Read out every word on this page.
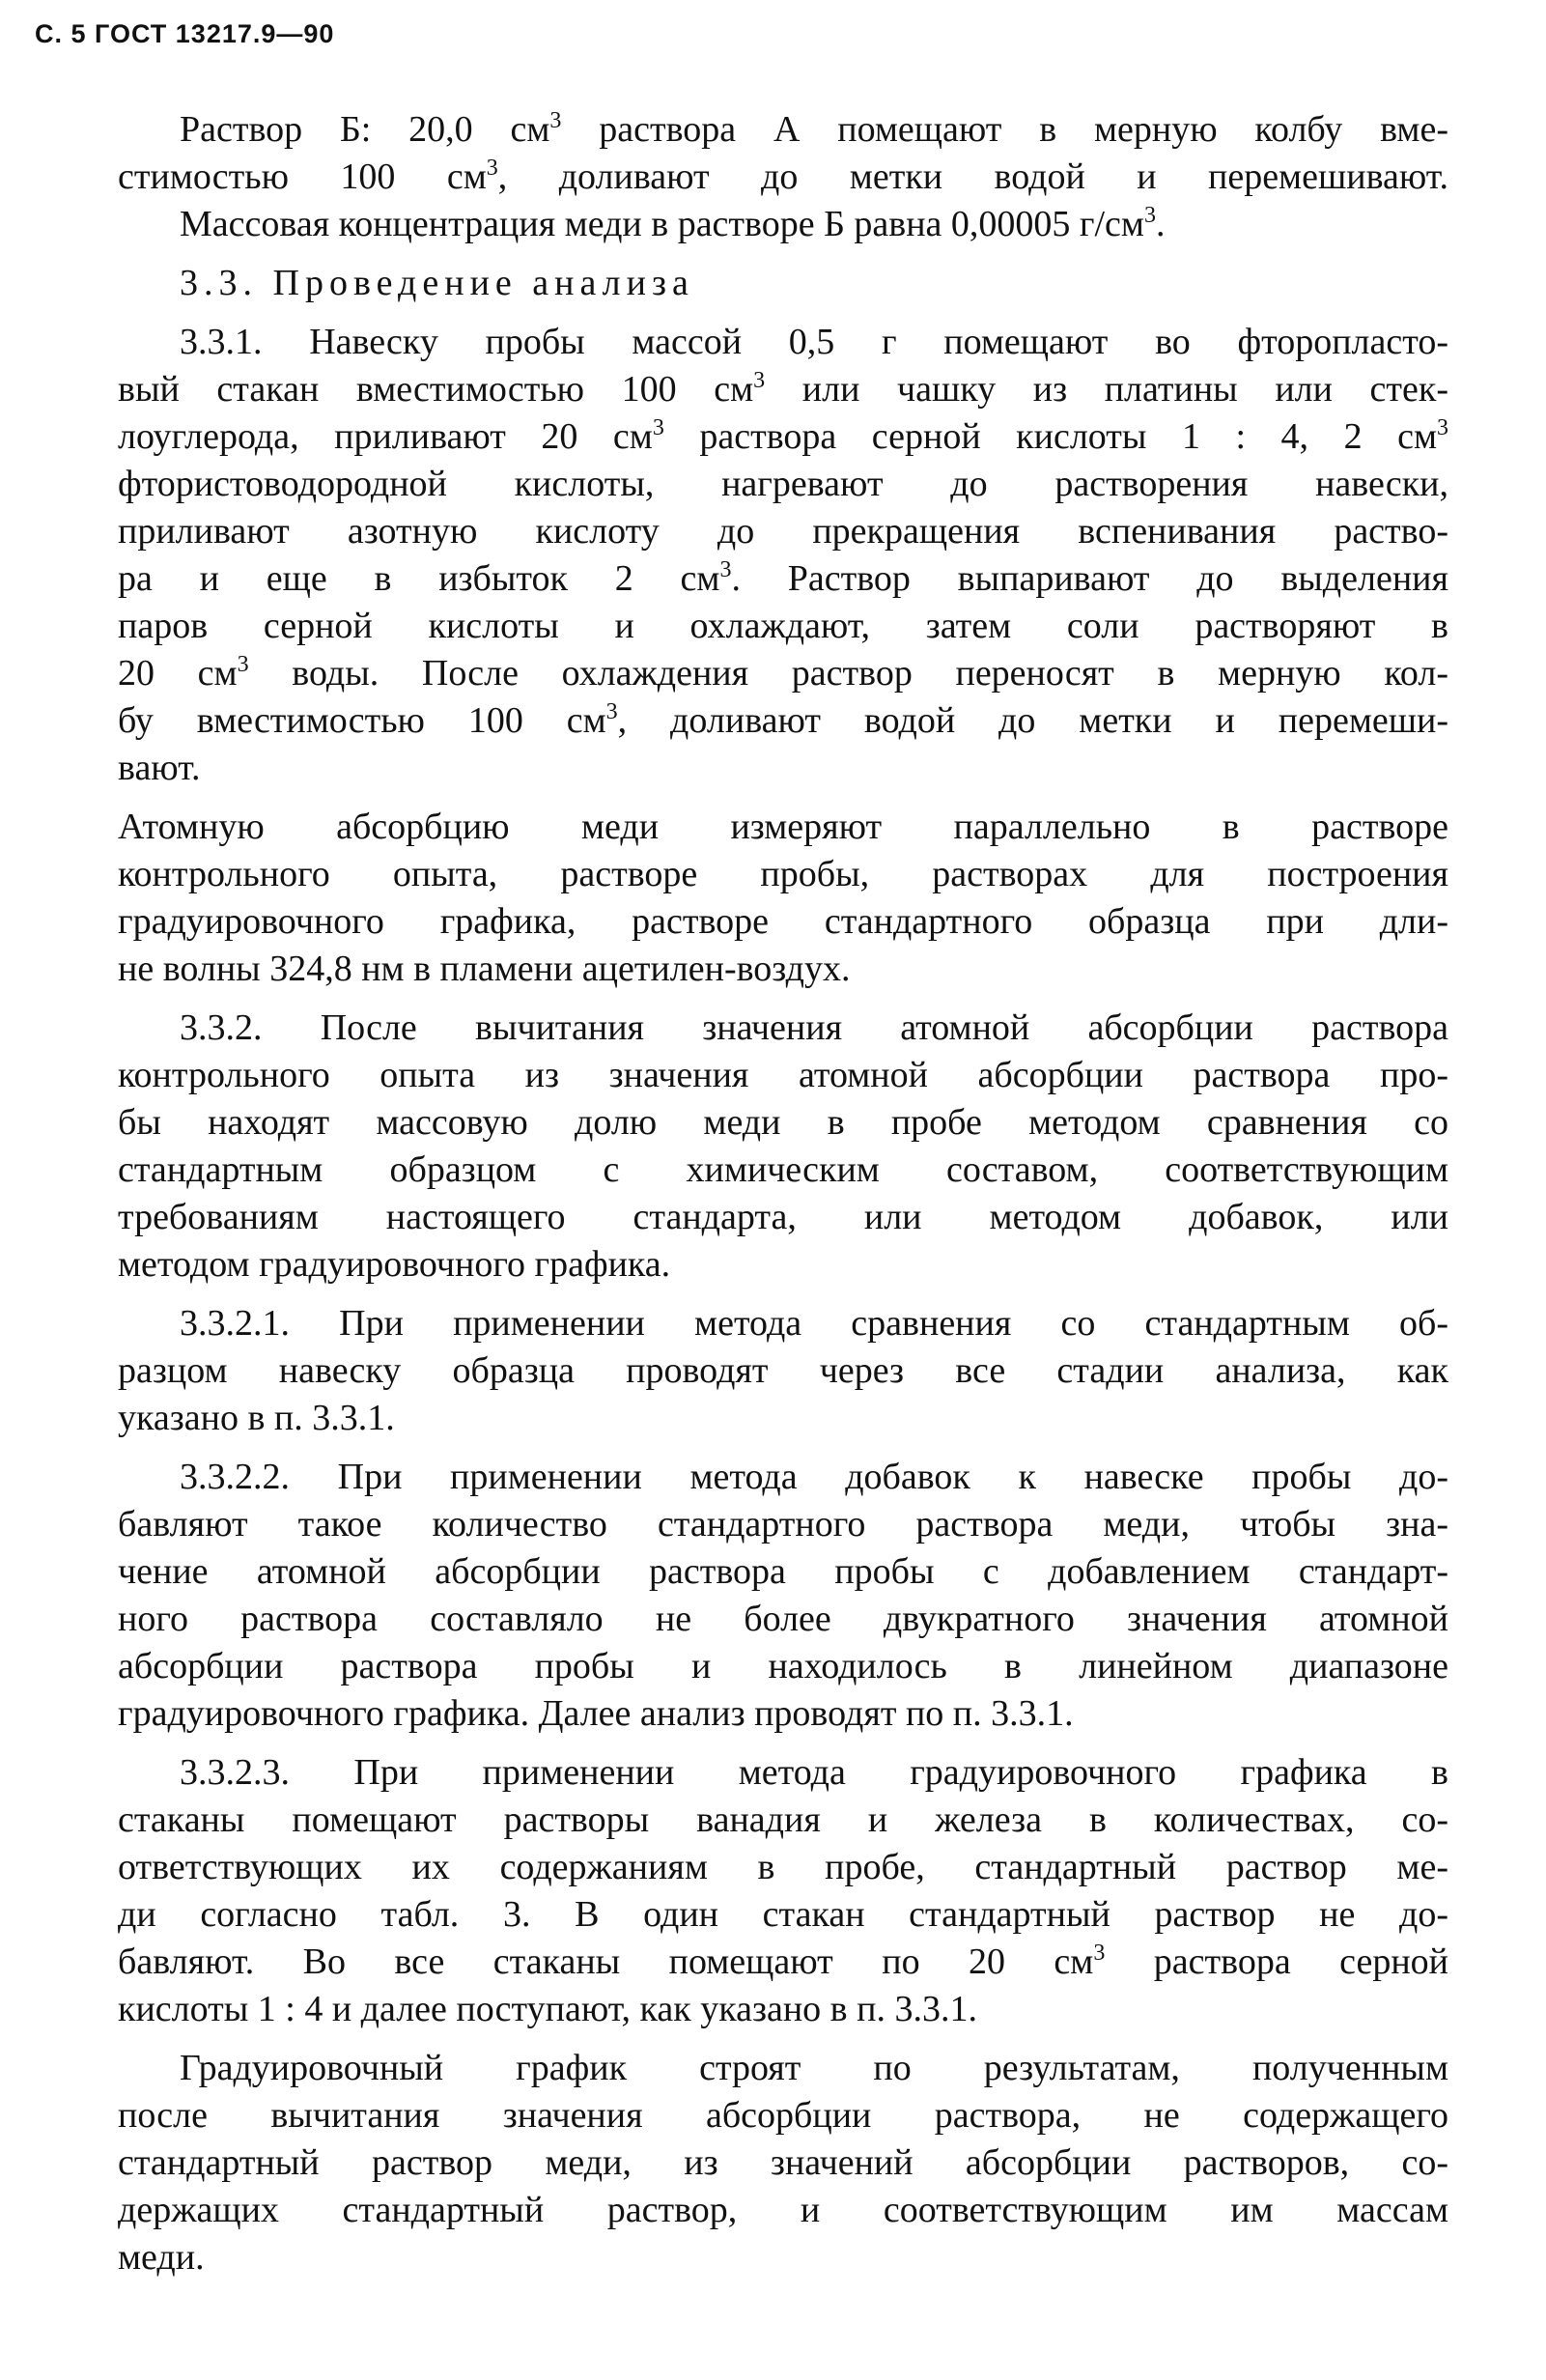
С. 5 ГОСТ 13217.9—90
Раствор Б: 20,0 $см^3$ раствора А помещают в мерную колбу вме-
стимостью 100 $см^3$, доливают до метки водой и перемешивают.
Массовая концентрация меди в растворе Б равна 0,00005 $г/см^3$.
3.3. Проведение анализа
3.3.1. Навеску пробы массой 0,5 г помещают во фторопласто-
вый стакан вместимостью 100 $см^3$ или чашку из платины или стек-
лоуглерода, приливают 20 $см^3$ раствора серной кислоты 1 : 4, 2 $см^3$
фтористоводородной кислоты, нагревают до растворения навески,
приливают азотную кислоту до прекращения вспенивания раство-
ра и еще в избыток 2 $см^3$. Раствор выпаривают до выделения
паров серной кислоты и охлаждают, затем соли растворяют в
20 $см^3$ воды. После охлаждения раствор переносят в мерную кол-
бу вместимостью 100 $см^3$, доливают водой до метки и перемеши-
вают.
Атомную абсорбцию меди измеряют параллельно в растворе
контрольного опыта, растворе пробы, растворах для построения
градуировочного графика, растворе стандартного образца при дли-
не волны 324,8 нм в пламени ацетилен-воздух.
3.3.2. После вычитания значения атомной абсорбции раствора
контрольного опыта из значения атомной абсорбции раствора про-
бы находят массовую долю меди в пробе методом сравнения со
стандартным образцом с химическим составом, соответствующим
требованиям настоящего стандарта, или методом добавок, или
методом градуировочного графика.
3.3.2.1. При применении метода сравнения со стандартным об-
разцом навеску образца проводят через все стадии анализа, как
указано в п. 3.3.1.
3.3.2.2. При применении метода добавок к навеске пробы до-
бавляют такое количество стандартного раствора меди, чтобы зна-
чение атомной абсорбции раствора пробы с добавлением стандарт-
ного раствора составляло не более двукратного значения атомной
абсорбции раствора пробы и находилось в линейном диапазоне
градуировочного графика. Далее анализ проводят по п. 3.3.1.
3.3.2.3. При применении метода градуировочного графика в
стаканы помещают растворы ванадия и железа в количествах, со-
ответствующих их содержаниям в пробе, стандартный раствор ме-
ди согласно табл. 3. В один стакан стандартный раствор не до-
бавляют. Во все стаканы помещают по 20 $см^3$ раствора серной
кислоты 1 : 4 и далее поступают, как указано в п. 3.3.1.
Градуировочный график строят по результатам, полученным
после вычитания значения абсорбции раствора, не содержащего
стандартный раствор меди, из значений абсорбции растворов, со-
держащих стандартный раствор, и соответствующим им массам
меди.
